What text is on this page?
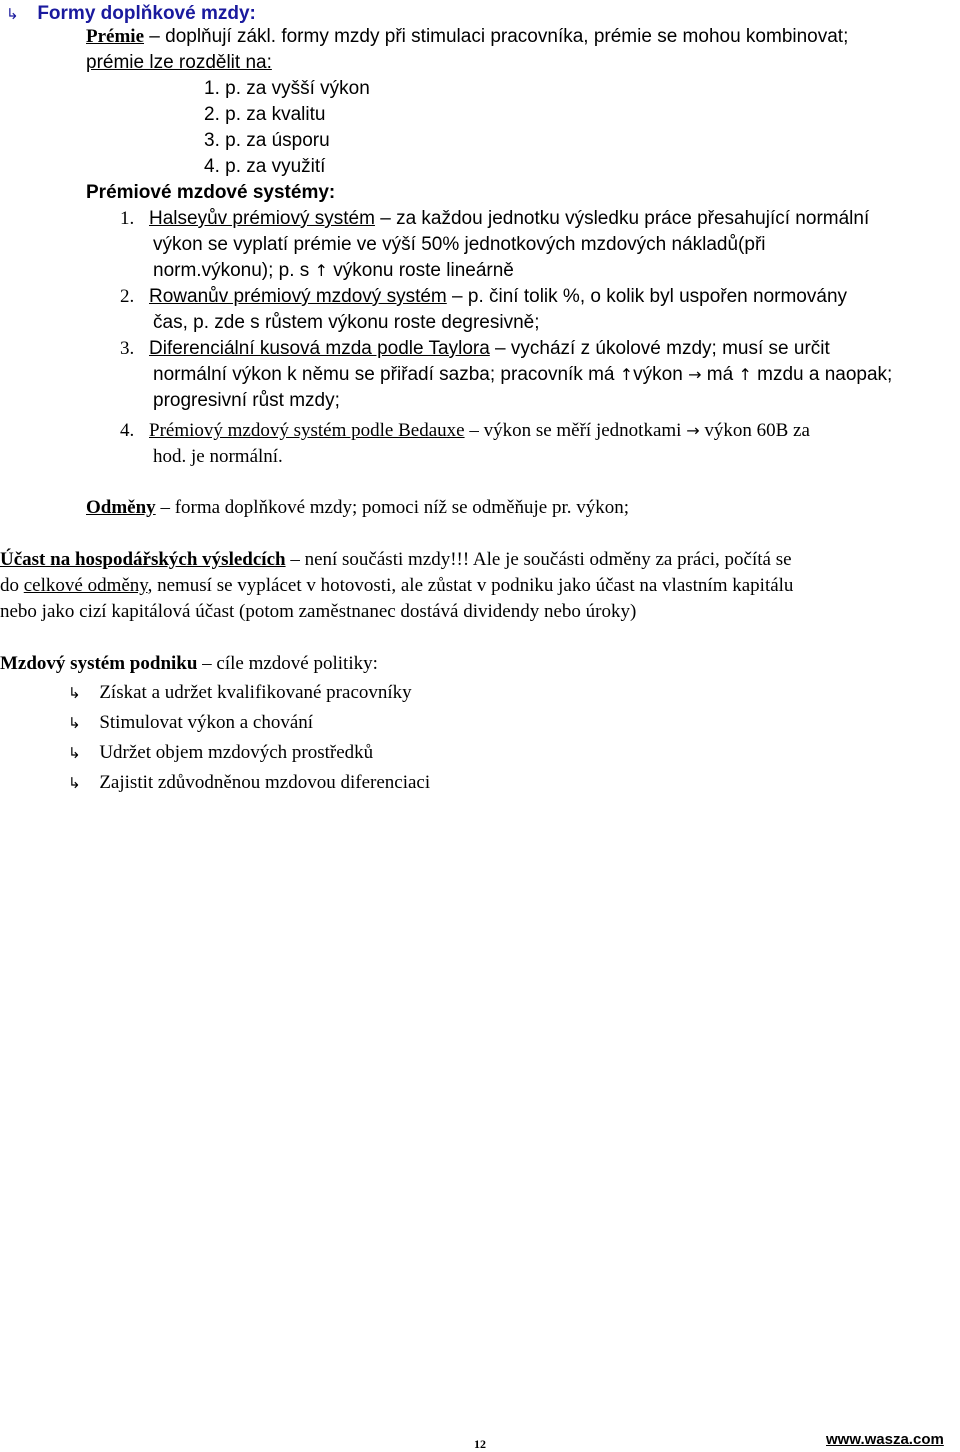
↳ Formy doplňkové mzdy:
Prémie – doplňují zákl. formy mzdy při stimulaci pracovníka, prémie se mohou kombinovat;
prémie lze rozdělit na:
1. p. za vyšší výkon
2. p. za kvalitu
3. p. za úsporu
4. p. za využití
Prémiové mzdové systémy:
1. Halseyův prémiový systém – za každou jednotku výsledku práce přesahující normální
výkon se vyplatí prémie ve výší 50% jednotkových mzdových nákladů(při
norm.výkonu); p. s ↑ výkonu roste lineárně
2. Rowanův prémiový mzdový systém – p. činí tolik %, o kolik byl uspořen normovány
čas, p. zde s růstem výkonu roste degresivně;
3. Diferenciální kusová mzda podle Taylora – vychází z úkolové mzdy; musí se určit
normální výkon k němu se přiřadí sazba; pracovník má ↑výkon → má ↑ mzdu a naopak;
progresivní růst mzdy;
4. Prémiový mzdový systém podle Bedauxe – výkon se měří jednotkami → výkon 60B za
hod. je normální.
Odměny – forma doplňkové mzdy; pomoci níž se odměňuje pr. výkon;
Účast na hospodářských výsledcích – není součásti mzdy!!! Ale je součásti odměny za práci, počítá se
do celkové odměny, nemusí se vyplácet v hotovosti, ale zůstat v podniku jako účast na vlastním kapitálu
nebo jako cizí kapitálová účast (potom zaměstnanec dostává dividendy nebo úroky)
Mzdový systém podniku – cíle mzdové politiky:
↳ Získat a udržet kvalifikované pracovníky
↳ Stimulovat výkon a chování
↳ Udržet objem mzdových prostředků
↳ Zajistit zdůvodněnou mzdovou diferenciaci
12	www.wasza.com
